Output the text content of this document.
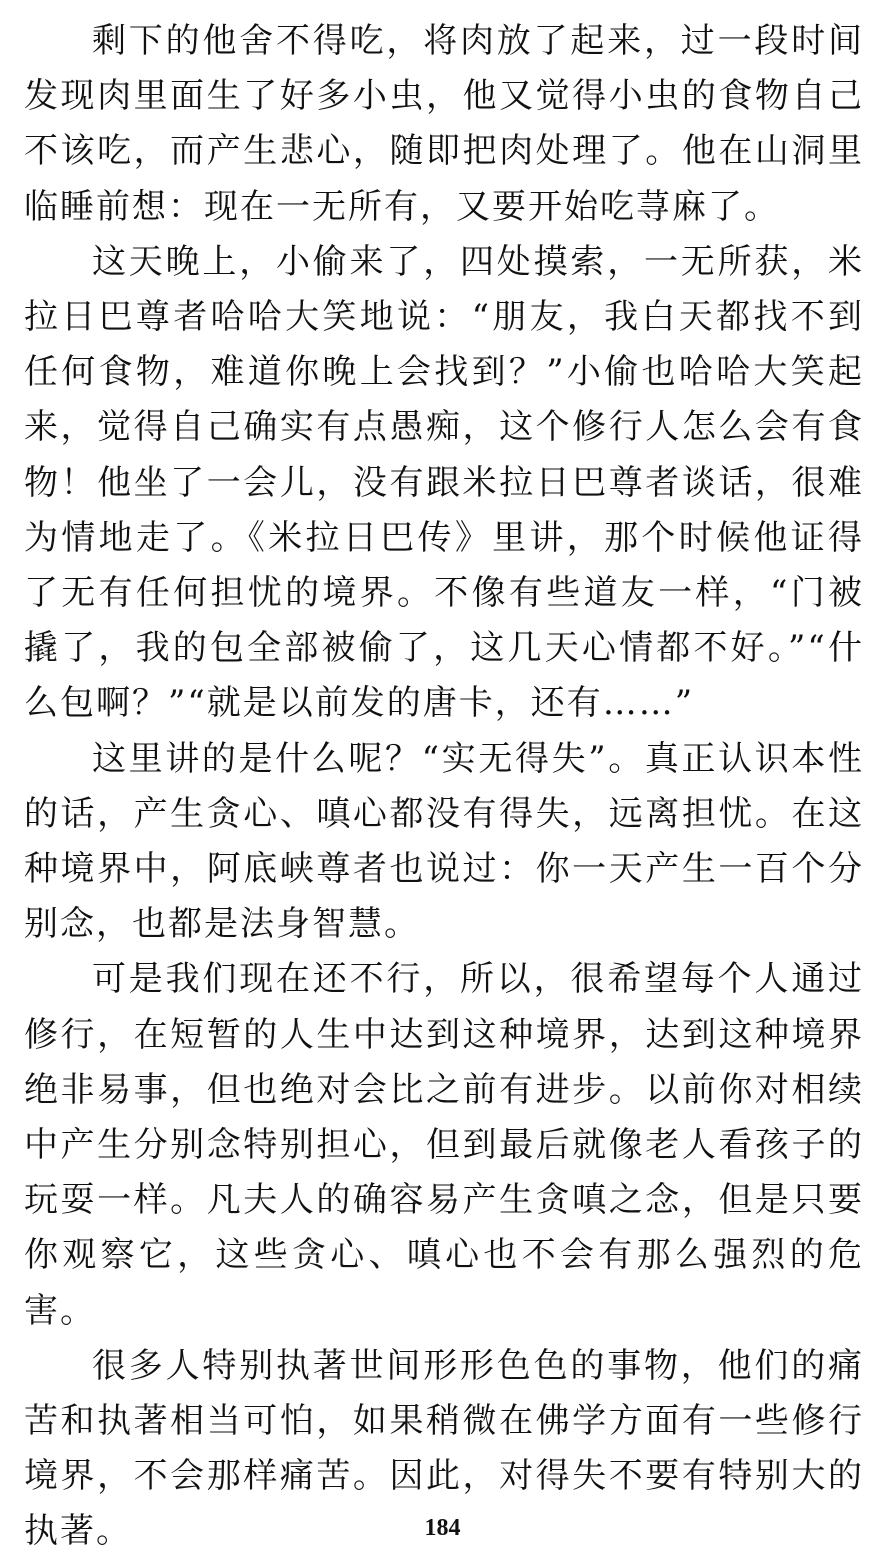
剩下的他舍不得吃，将肉放了起来，过一段时间发现肉里面生了好多小虫，他又觉得小虫的食物自己不该吃，而产生悲心，随即把肉处理了。他在山洞里临睡前想：现在一无所有，又要开始吃荨麻了。

这天晚上，小偷来了，四处摸索，一无所获，米拉日巴尊者哈哈大笑地说：“朋友，我白天都找不到任何食物，难道你晚上会找到？”小偷也哈哈大笑起来，觉得自己确实有点愚痴，这个修行人怎么会有食物！他坐了一会儿，没有跟米拉日巴尊者谈话，很难为情地走了。《米拉日巴传》里讲，那个时候他证得了无有任何担忧的境界。不像有些道友一样，“门被撬了，我的包全部被偷了，这几天心情都不好。”“什么包啊？”“就是以前发的唐卡，还有……”

这里讲的是什么呢？“实无得失”。真正认识本性的话，产生贪心、嗔心都没有得失，远离担忧。在这种境界中，阿底峡尊者也说过：你一天产生一百个分别念，也都是法身智慧。

可是我们现在还不行，所以，很希望每个人通过修行，在短暂的人生中达到这种境界，达到这种境界绝非易事，但也绝对会比之前有进步。以前你对相续中产生分别念特别担心，但到最后就像老人看孩子的玩耍一样。凡夫人的确容易产生贪嗔之念，但是只要你观察它，这些贪心、嗔心也不会有那么强烈的危害。

很多人特别执著世间形形色色的事物，他们的痛苦和执著相当可怕，如果稍微在佛学方面有一些修行境界，不会那样痛苦。因此，对得失不要有特别大的执著。	184
